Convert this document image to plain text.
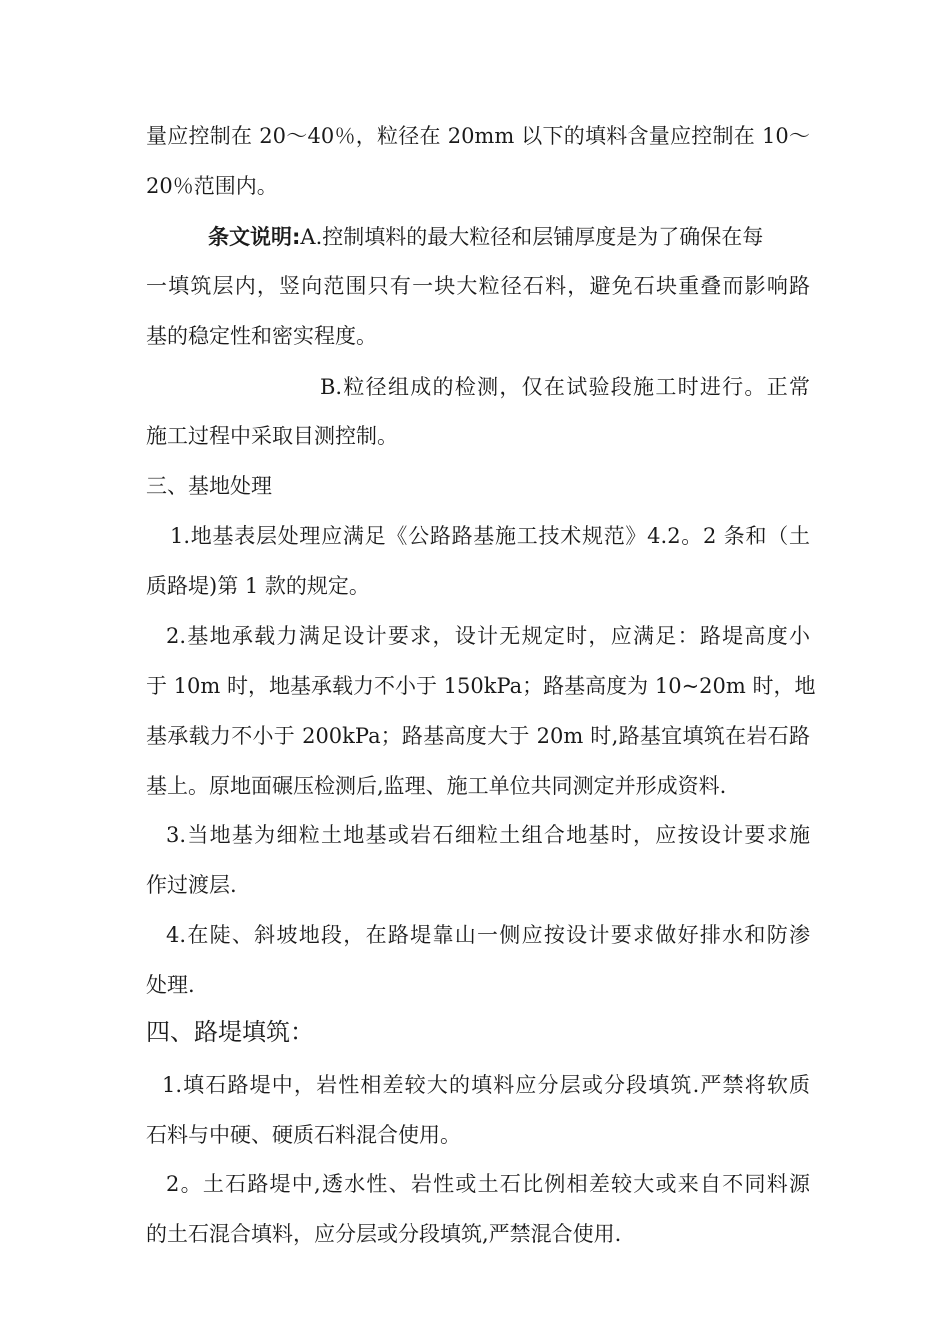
量应控制在 20～40％，粒径在 20mm 以下的填料含量应控制在 10～
20％范围内。
条文说明:A.控制填料的最大粒径和层铺厚度是为了确保在每
一填筑层内，竖向范围只有一块大粒径石料，避免石块重叠而影响路
基的稳定性和密实程度。
B.粒径组成的检测，仅在试验段施工时进行。正常
施工过程中采取目测控制。
三、基地处理
1.地基表层处理应满足《公路路基施工技术规范》4.2。2 条和（土
质路堤)第 1 款的规定。
2.基地承载力满足设计要求，设计无规定时，应满足：路堤高度小
于 10m 时，地基承载力不小于 150kPa；路基高度为 10~20m 时，地
基承载力不小于 200kPa；路基高度大于 20m 时,路基宜填筑在岩石路
基上。原地面碾压检测后,监理、施工单位共同测定并形成资料.
3.当地基为细粒土地基或岩石细粒土组合地基时，应按设计要求施
作过渡层.
4.在陡、斜坡地段，在路堤靠山一侧应按设计要求做好排水和防渗
处理.
四、路堤填筑：
1.填石路堤中，岩性相差较大的填料应分层或分段填筑.严禁将软质
石料与中硬、硬质石料混合使用。
2。土石路堤中,透水性、岩性或土石比例相差较大或来自不同料源
的土石混合填料，应分层或分段填筑,严禁混合使用.
